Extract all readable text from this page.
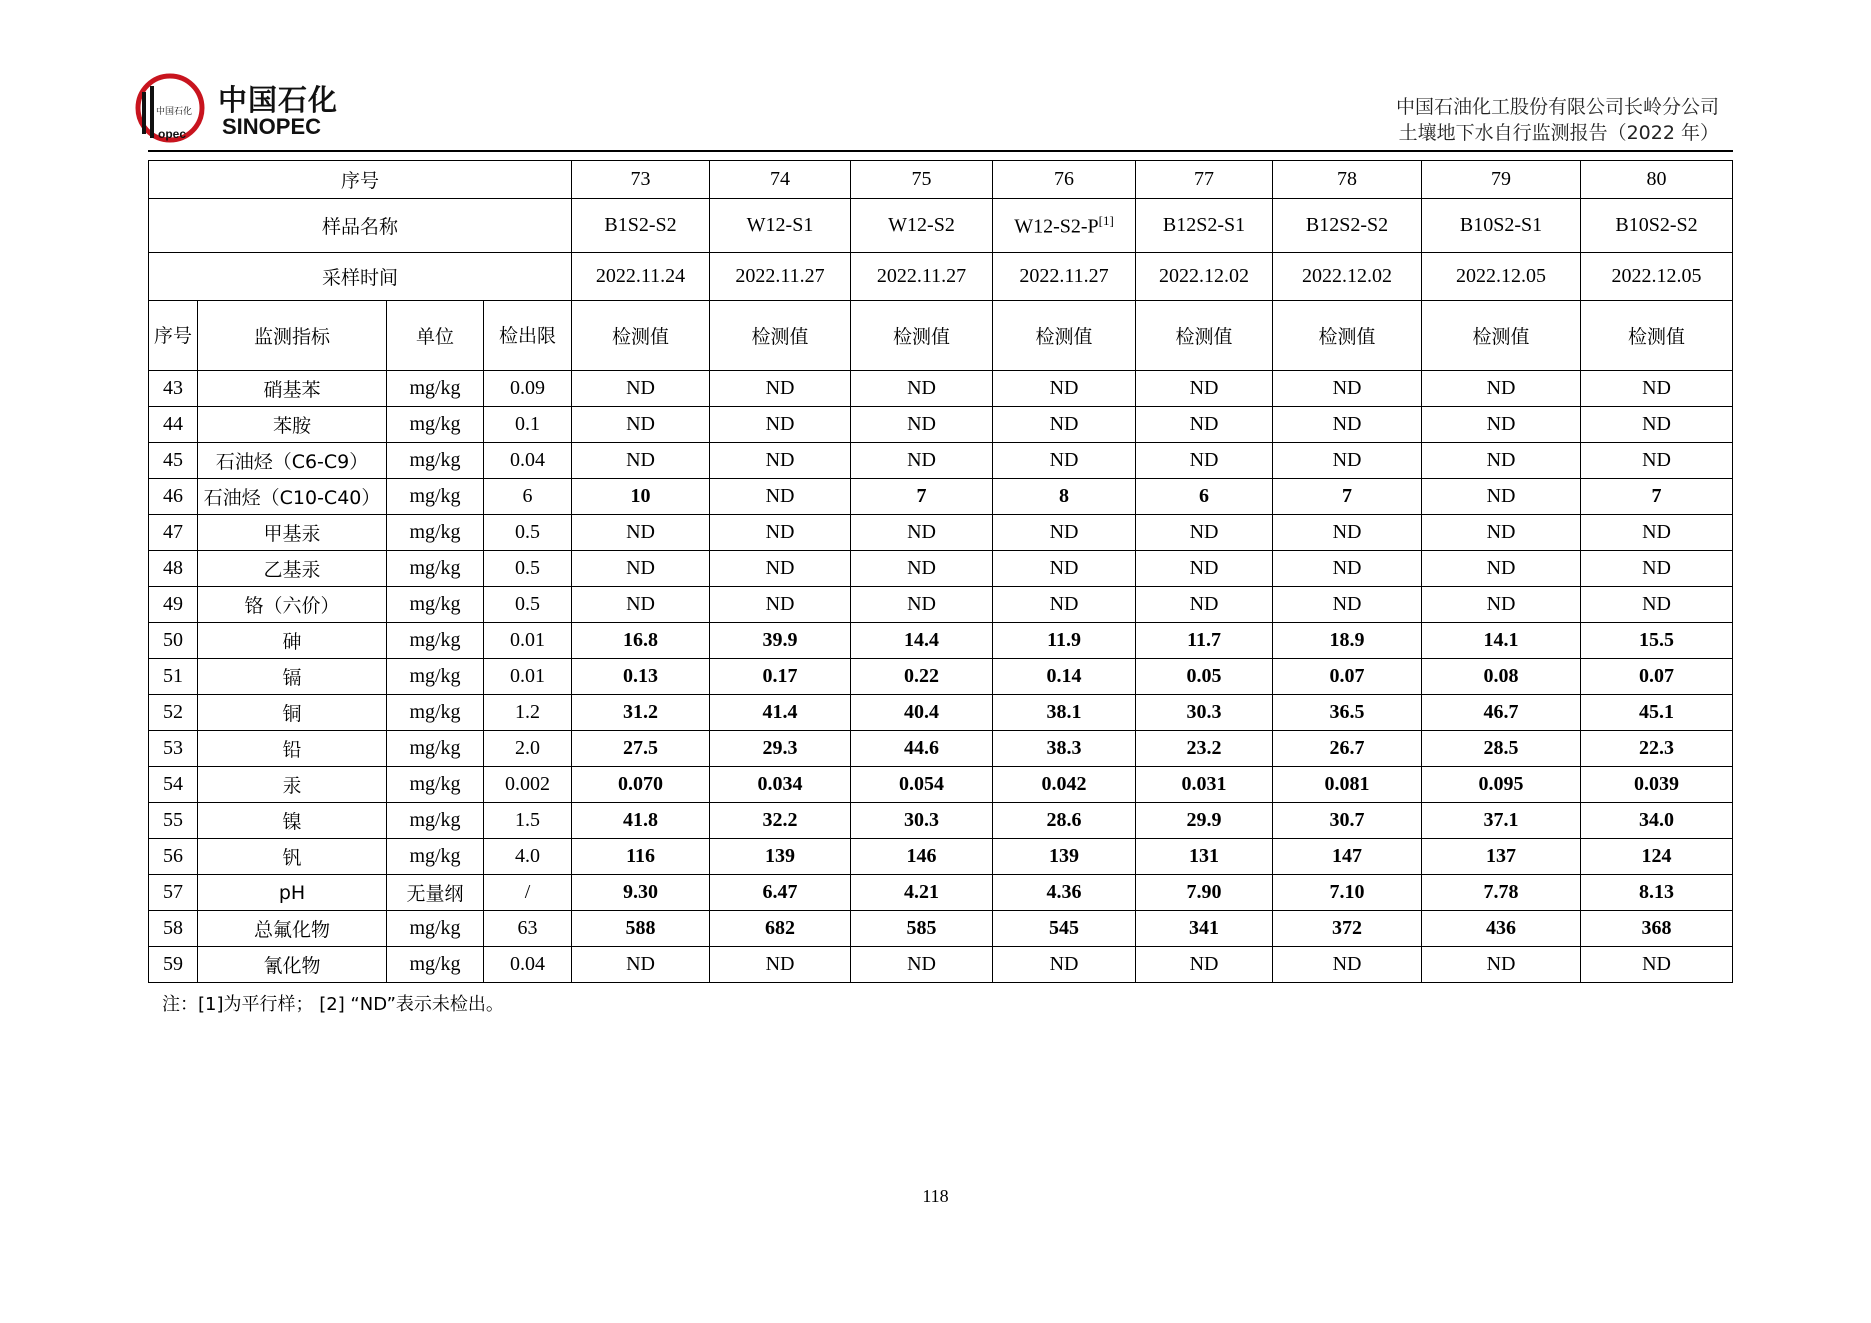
中国石化
opec
中国石化
SINOPEC
中国石油化工股份有限公司长岭分公司
土壤地下水自行监测报告（2022 年）
序号				73	74	75	76	77	78	79	80
样品名称				B1S2-S2	W12-S1	W12-S2	W12-S2-P[1]	B12S2-S1	B12S2-S2	B10S2-S1	B10S2-S2
采样时间				2022.11.24	2022.11.27	2022.11.27	2022.11.27	2022.12.02	2022.12.02	2022.12.05	2022.12.05
序号	监测指标	单位	检出限	检测值	检测值	检测值	检测值	检测值	检测值	检测值	检测值
43	硝基苯	mg/kg	0.09	ND	ND	ND	ND	ND	ND	ND	ND
44	苯胺	mg/kg	0.1	ND	ND	ND	ND	ND	ND	ND	ND
45	石油烃（C6-C9）	mg/kg	0.04	ND	ND	ND	ND	ND	ND	ND	ND
46	石油烃（C10-C40）	mg/kg	6	10	ND	7	8	6	7	ND	7
47	甲基汞	mg/kg	0.5	ND	ND	ND	ND	ND	ND	ND	ND
48	乙基汞	mg/kg	0.5	ND	ND	ND	ND	ND	ND	ND	ND
49	铬（六价）	mg/kg	0.5	ND	ND	ND	ND	ND	ND	ND	ND
50	砷	mg/kg	0.01	16.8	39.9	14.4	11.9	11.7	18.9	14.1	15.5
51	镉	mg/kg	0.01	0.13	0.17	0.22	0.14	0.05	0.07	0.08	0.07
52	铜	mg/kg	1.2	31.2	41.4	40.4	38.1	30.3	36.5	46.7	45.1
53	铅	mg/kg	2.0	27.5	29.3	44.6	38.3	23.2	26.7	28.5	22.3
54	汞	mg/kg	0.002	0.070	0.034	0.054	0.042	0.031	0.081	0.095	0.039
55	镍	mg/kg	1.5	41.8	32.2	30.3	28.6	29.9	30.7	37.1	34.0
56	钒	mg/kg	4.0	116	139	146	139	131	147	137	124
57	pH	无量纲	/	9.30	6.47	4.21	4.36	7.90	7.10	7.78	8.13
58	总氟化物	mg/kg	63	588	682	585	545	341	372	436	368
59	氰化物	mg/kg	0.04	ND	ND	ND	ND	ND	ND	ND	ND
注：[1]为平行样； [2] “ND”表示未检出。
118
